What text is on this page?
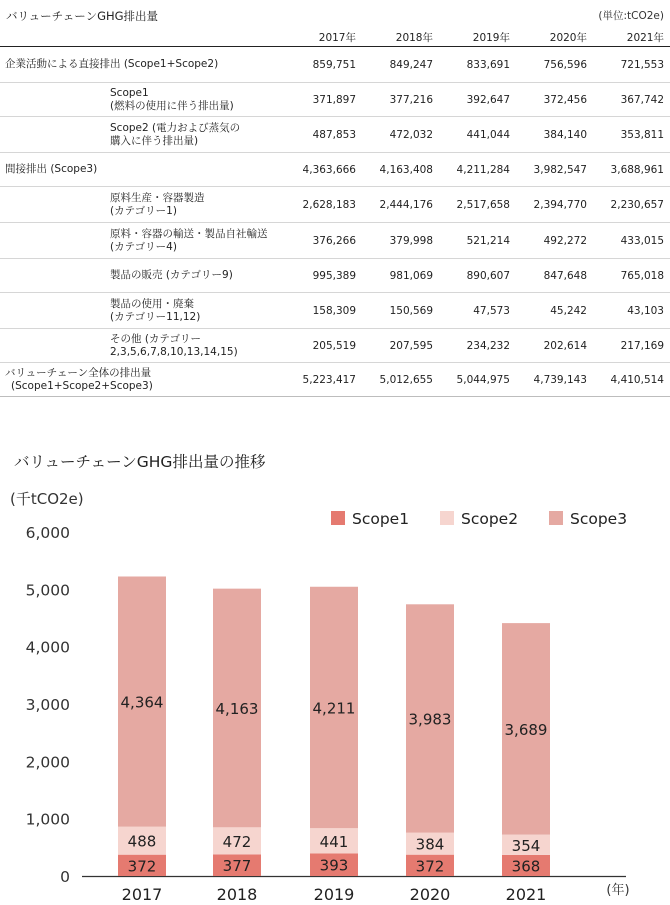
バリューチェーンGHG排出量	(単位:tCO2e)
		2017年	2018年	2019年	2020年	2021年
企業活動による直接排出 (Scope1+Scope2)		859,751	849,247	833,691	756,596	721,553

	Scope1
(燃料の使用に伴う排出量)	371,897	377,216	392,647	372,456	367,742

	Scope2 (電力および蒸気の
購入に伴う排出量)	487,853	472,032	441,044	384,140	353,811
間接排出 (Scope3)		4,363,666	4,163,408	4,211,284	3,982,547	3,688,961

	原料生産・容器製造
(カテゴリー1)	2,628,183	2,444,176	2,517,658	2,394,770	2,230,657

	原料・容器の輸送・製品自社輸送
(カテゴリー4)	376,266	379,998	521,214	492,272	433,015

	製品の販売 (カテゴリー9)	995,389	981,069	890,607	847,648	765,018

	製品の使用・廃棄
(カテゴリー11,12)	158,309	150,569	47,573	45,242	43,103

	その他 (カテゴリー
2,3,5,6,7,8,10,13,14,15)	205,519	207,595	234,232	202,614	217,169
バリューチェーン全体の排出量
(Scope1+Scope2+Scope3)		5,223,417	5,012,655	5,044,975	4,739,143	4,410,514
バリューチェーンGHG排出量の推移
(千tCO2e)
0
1,000
2,000
3,000
4,000
5,000
6,000
372
488
4,364
2017
377
472
4,163
2018
393
441
4,211
2019
372
384
3,983
2020
368
354
3,689
2021	(年)
Scope1	Scope2	Scope3
